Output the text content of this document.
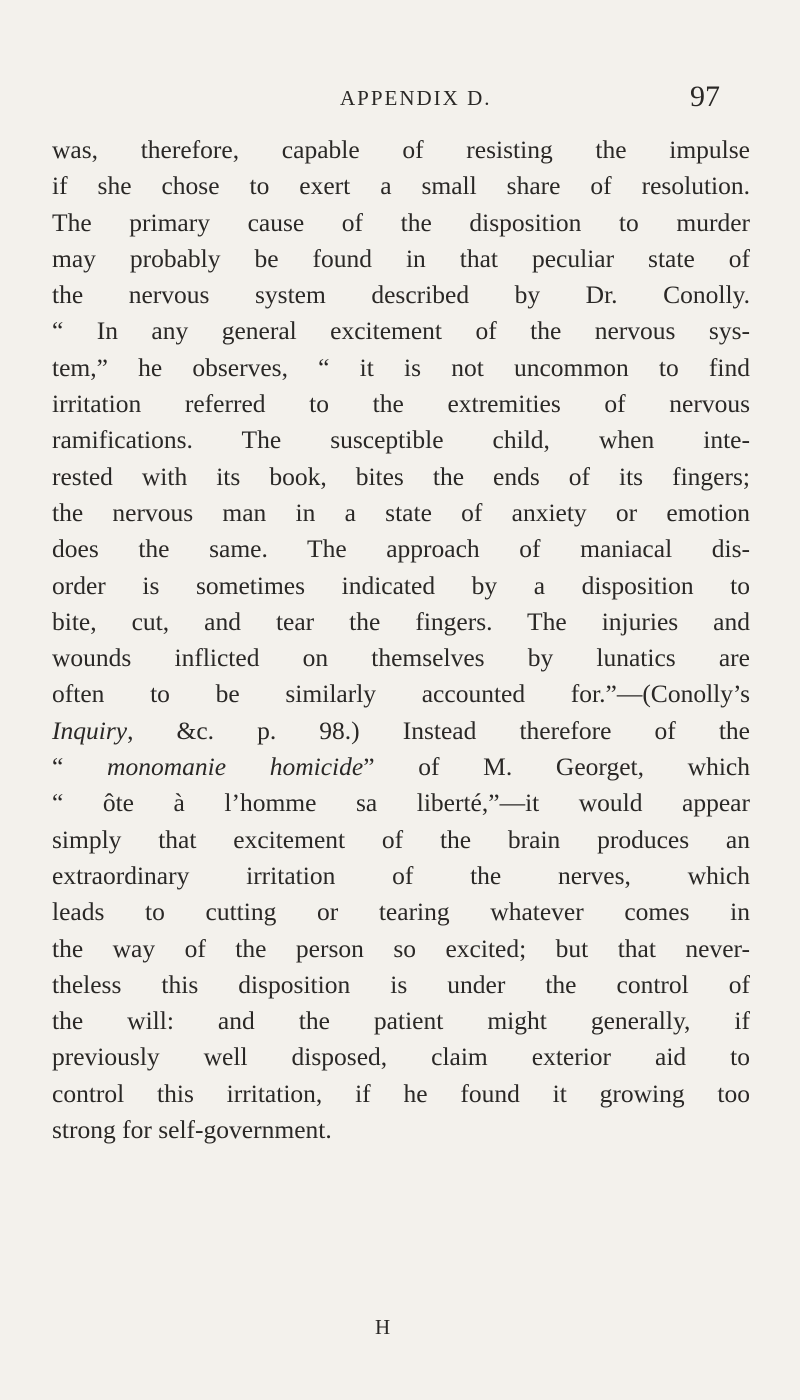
APPENDIX D.	97
was, therefore, capable of resisting the impulse
if she chose to exert a small share of resolution.
The primary cause of the disposition to murder
may probably be found in that peculiar state of
the nervous system described by Dr. Conolly.
“ In any general excitement of the nervous sys-
tem,” he observes, “ it is not uncommon to find
irritation referred to the extremities of nervous
ramifications. The susceptible child, when inte-
rested with its book, bites the ends of its fingers;
the nervous man in a state of anxiety or emotion
does the same. The approach of maniacal dis-
order is sometimes indicated by a disposition to
bite, cut, and tear the fingers. The injuries and
wounds inflicted on themselves by lunatics are
often to be similarly accounted for.”—(Conolly’s
Inquiry, &c. p. 98.) Instead therefore of the
“ monomanie homicide” of M. Georget, which
“ ôte à l’homme sa liberté,”—it would appear
simply that excitement of the brain produces an
extraordinary irritation of the nerves, which
leads to cutting or tearing whatever comes in
the way of the person so excited; but that never-
theless this disposition is under the control of
the will: and the patient might generally, if
previously well disposed, claim exterior aid to
control this irritation, if he found it growing too
strong for self-government.
H
